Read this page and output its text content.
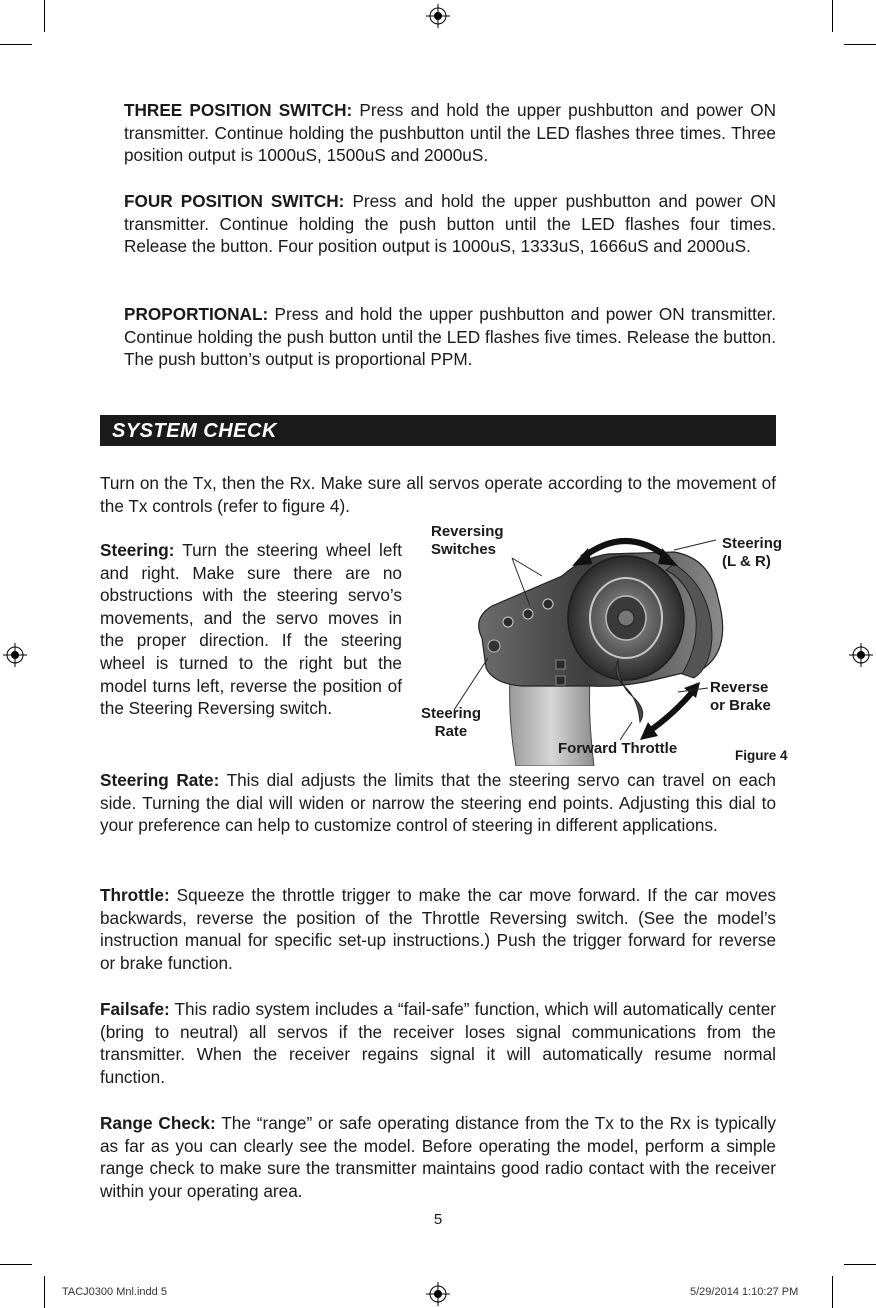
THREE POSITION SWITCH: Press and hold the upper pushbutton and power ON transmitter. Continue holding the pushbutton until the LED flashes three times. Three position output is 1000uS, 1500uS and 2000uS.

FOUR POSITION SWITCH: Press and hold the upper pushbutton and power ON transmitter. Continue holding the push button until the LED flashes four times. Release the button. Four position output is 1000uS, 1333uS, 1666uS and 2000uS.

PROPORTIONAL: Press and hold the upper pushbutton and power ON transmitter. Continue holding the push button until the LED flashes five times. Release the button. The push button’s output is proportional PPM.

SYSTEM CHECK

Turn on the Tx, then the Rx. Make sure all servos operate according to the movement of the Tx controls (refer to figure 4).

Steering: Turn the steering wheel left and right. Make sure there are no obstructions with the steering servo’s movements, and the servo moves in the proper direction. If the steering wheel is turned to the right but the model turns left, reverse the position of the Steering Reversing switch.

Reversing
Switches	Steering
(L & R)
Reverse
or Brake
Steering
Rate
Forward Throttle	Figure 4

Steering Rate: This dial adjusts the limits that the steering servo can travel on each side. Turning the dial will widen or narrow the steering end points. Adjusting this dial to your preference can help to customize control of steering in different applications.

Throttle: Squeeze the throttle trigger to make the car move forward. If the car moves backwards, reverse the position of the Throttle Reversing switch. (See the model’s instruction manual for specific set-up instructions.) Push the trigger forward for reverse or brake function.

Failsafe: This radio system includes a “fail-safe” function, which will automatically center (bring to neutral) all servos if the receiver loses signal communications from the transmitter. When the receiver regains signal it will automatically resume normal function.

Range Check: The “range” or safe operating distance from the Tx to the Rx is typically as far as you can clearly see the model. Before operating the model, perform a simple range check to make sure the transmitter maintains good radio contact with the receiver within your operating area.

5
TACJ0300 Mnl.indd 5	5/29/2014 1:10:27 PM
